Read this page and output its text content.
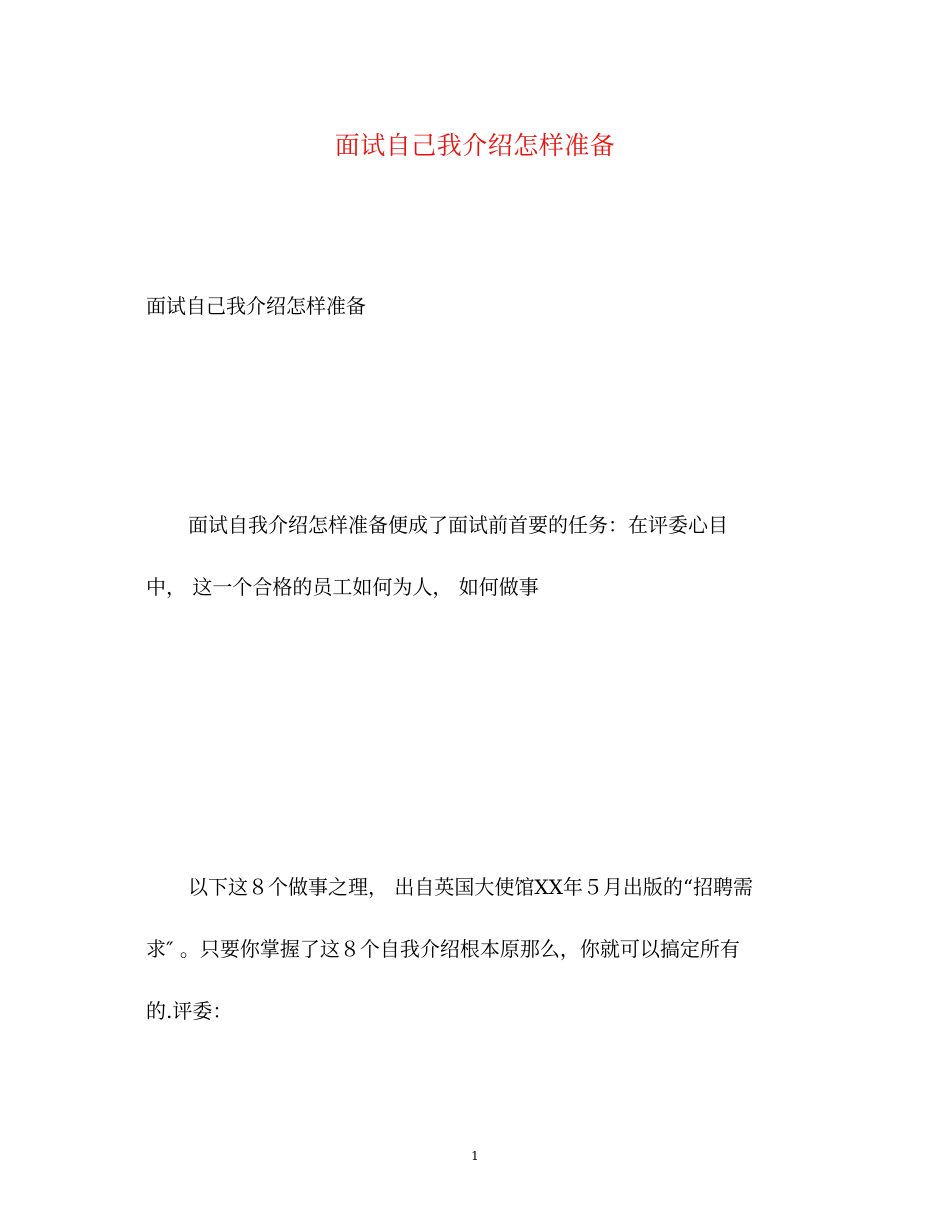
面试自己我介绍怎样准备
面试自己我介绍怎样准备

面试自我介绍怎样准备便成了面试前首要的任务：在评委心目

中， 这一个合格的员工如何为人， 如何做事

以下这８个做事之理， 出自英国大使馆XX年５月出版的“招聘需

求″ 。只要你掌握了这８个自我介绍根本原那么，你就可以搞定所有

的.评委：

1
